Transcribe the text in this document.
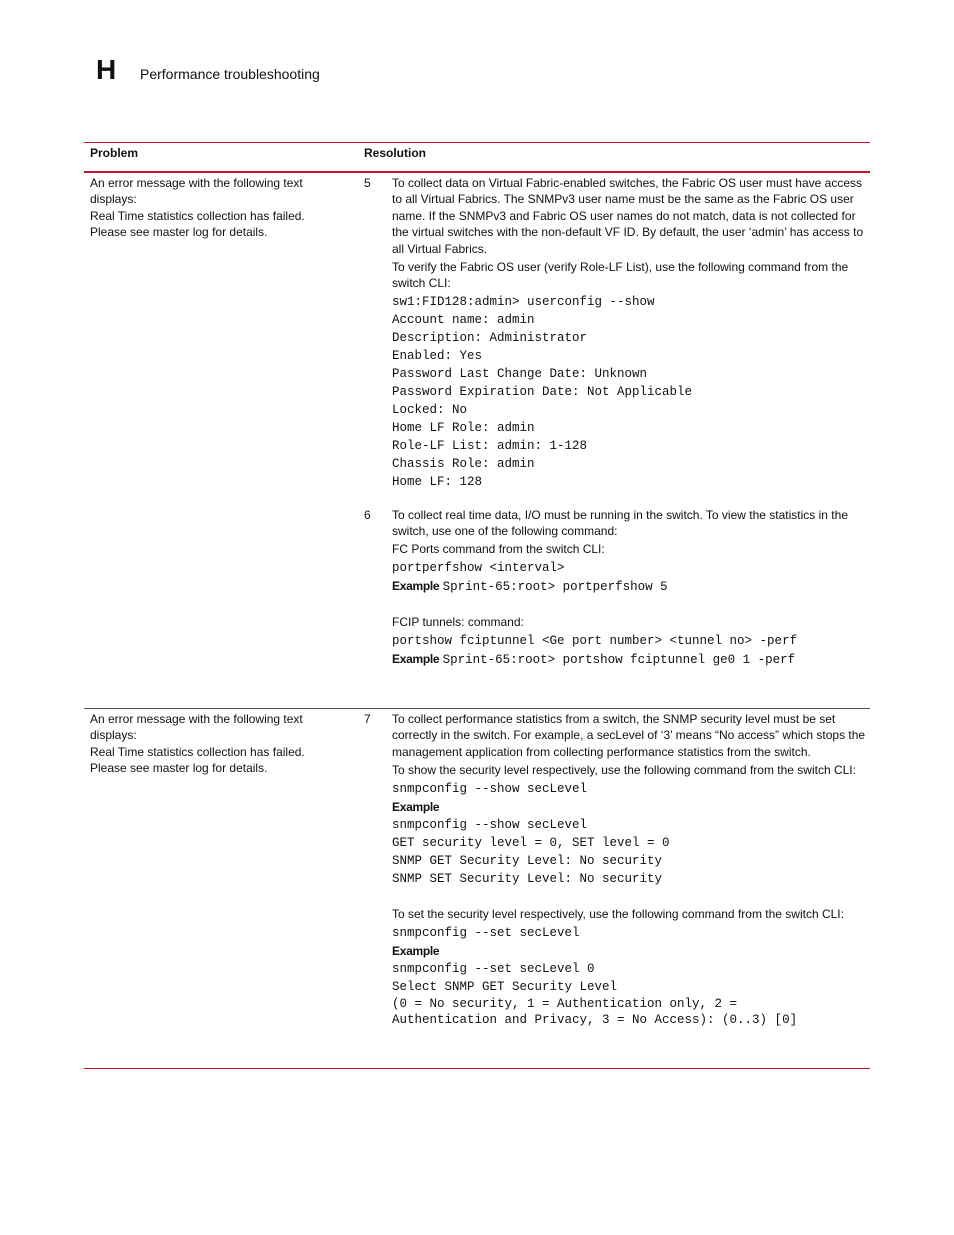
H Performance troubleshooting
Problem	Resolution
An error message with the following text displays:
Real Time statistics collection has failed. Please see master log for details.
5	To collect data on Virtual Fabric-enabled switches, the Fabric OS user must have access to all Virtual Fabrics. The SNMPv3 user name must be the same as the Fabric OS user name. If the SNMPv3 and Fabric OS user names do not match, data is not collected for the virtual switches with the non-default VF ID. By default, the user ‘admin’ has access to all Virtual Fabrics.

To verify the Fabric OS user (verify Role-LF List), use the following command from the switch CLI:

sw1:FID128:admin> userconfig --show
Account name: admin
Description: Administrator
Enabled: Yes
Password Last Change Date: Unknown
Password Expiration Date: Not Applicable
Locked: No
Home LF Role: admin
Role-LF List: admin: 1-128
Chassis Role: admin
Home LF: 128
6	To collect real time data, I/O must be running in the switch. To view the statistics in the switch, use one of the following command:

FC Ports command from the switch CLI:

portperfshow <interval>
Example Sprint-65:root> portperfshow 5

FCIP tunnels: command:

portshow fciptunnel <Ge port number> <tunnel no> -perf
Example Sprint-65:root> portshow fciptunnel ge0 1 -perf
An error message with the following text displays:
Real Time statistics collection has failed. Please see master log for details.
7	To collect performance statistics from a switch, the SNMP security level must be set correctly in the switch. For example, a secLevel of ‘3’ means “No access” which stops the management application from collecting performance statistics from the switch.

To show the security level respectively, use the following command from the switch CLI:

snmpconfig --show secLevel
Example
snmpconfig --show secLevel
GET security level = 0, SET level = 0
SNMP GET Security Level: No security
SNMP SET Security Level: No security

To set the security level respectively, use the following command from the switch CLI:

snmpconfig --set secLevel
Example
snmpconfig --set secLevel 0
Select SNMP GET Security Level
(0 = No security, 1 = Authentication only, 2 =
Authentication and Privacy, 3 = No Access): (0..3) [0]
